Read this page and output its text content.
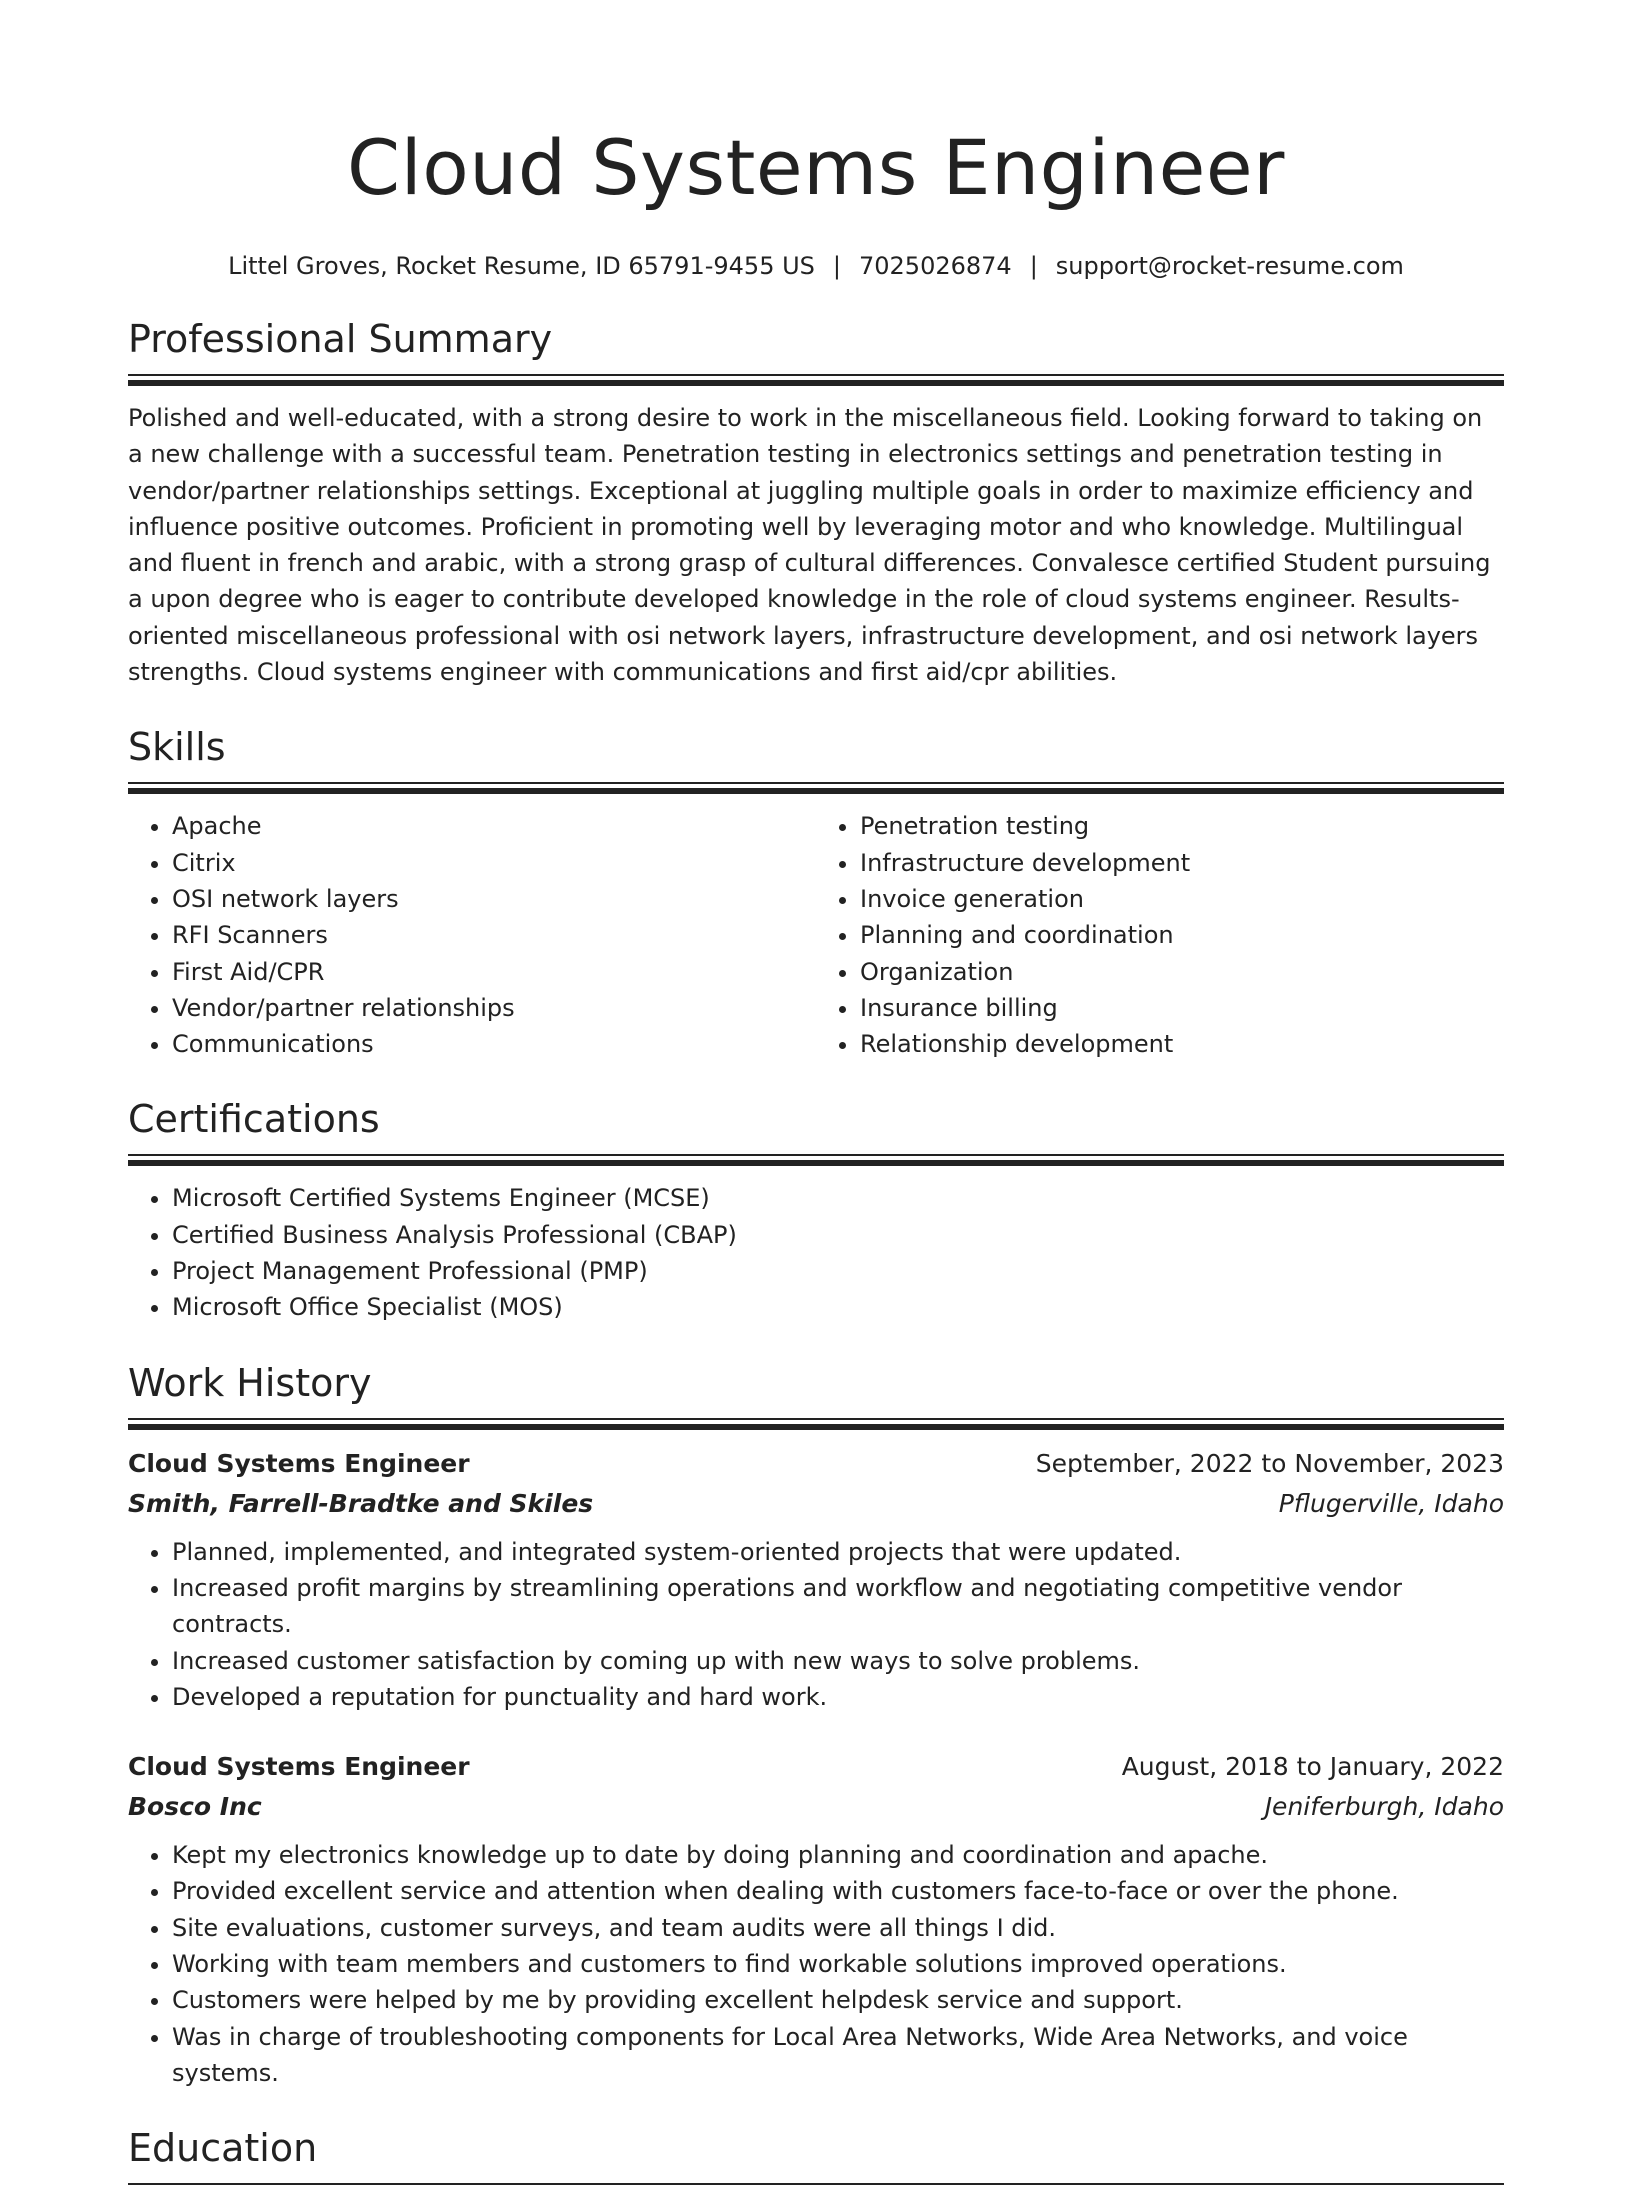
Cloud Systems Engineer
Littel Groves, Rocket Resume, ID 65791-9455 US | 7025026874 | support@rocket-resume.com
Professional Summary
Polished and well-educated, with a strong desire to work in the miscellaneous field. Looking forward to taking on a new challenge with a successful team. Penetration testing in electronics settings and penetration testing in vendor/partner relationships settings. Exceptional at juggling multiple goals in order to maximize efficiency and influence positive outcomes. Proficient in promoting well by leveraging motor and who knowledge. Multilingual and fluent in french and arabic, with a strong grasp of cultural differences. Convalesce certified Student pursuing a upon degree who is eager to contribute developed knowledge in the role of cloud systems engineer. Results-oriented miscellaneous professional with osi network layers, infrastructure development, and osi network layers strengths. Cloud systems engineer with communications and first aid/cpr abilities.
Skills
• Apache
• Citrix
• OSI network layers
• RFI Scanners
• First Aid/CPR
• Vendor/partner relationships
• Communications
• Penetration testing
• Infrastructure development
• Invoice generation
• Planning and coordination
• Organization
• Insurance billing
• Relationship development
Certifications
• Microsoft Certified Systems Engineer (MCSE)
• Certified Business Analysis Professional (CBAP)
• Project Management Professional (PMP)
• Microsoft Office Specialist (MOS)
Work History
Cloud Systems Engineer	September, 2022 to November, 2023
Smith, Farrell-Bradtke and Skiles	Pflugerville, Idaho
• Planned, implemented, and integrated system-oriented projects that were updated.
• Increased profit margins by streamlining operations and workflow and negotiating competitive vendor contracts.
• Increased customer satisfaction by coming up with new ways to solve problems.
• Developed a reputation for punctuality and hard work.
Cloud Systems Engineer	August, 2018 to January, 2022
Bosco Inc	Jeniferburgh, Idaho
• Kept my electronics knowledge up to date by doing planning and coordination and apache.
• Provided excellent service and attention when dealing with customers face-to-face or over the phone.
• Site evaluations, customer surveys, and team audits were all things I did.
• Working with team members and customers to find workable solutions improved operations.
• Customers were helped by me by providing excellent helpdesk service and support.
• Was in charge of troubleshooting components for Local Area Networks, Wide Area Networks, and voice systems.
Education
